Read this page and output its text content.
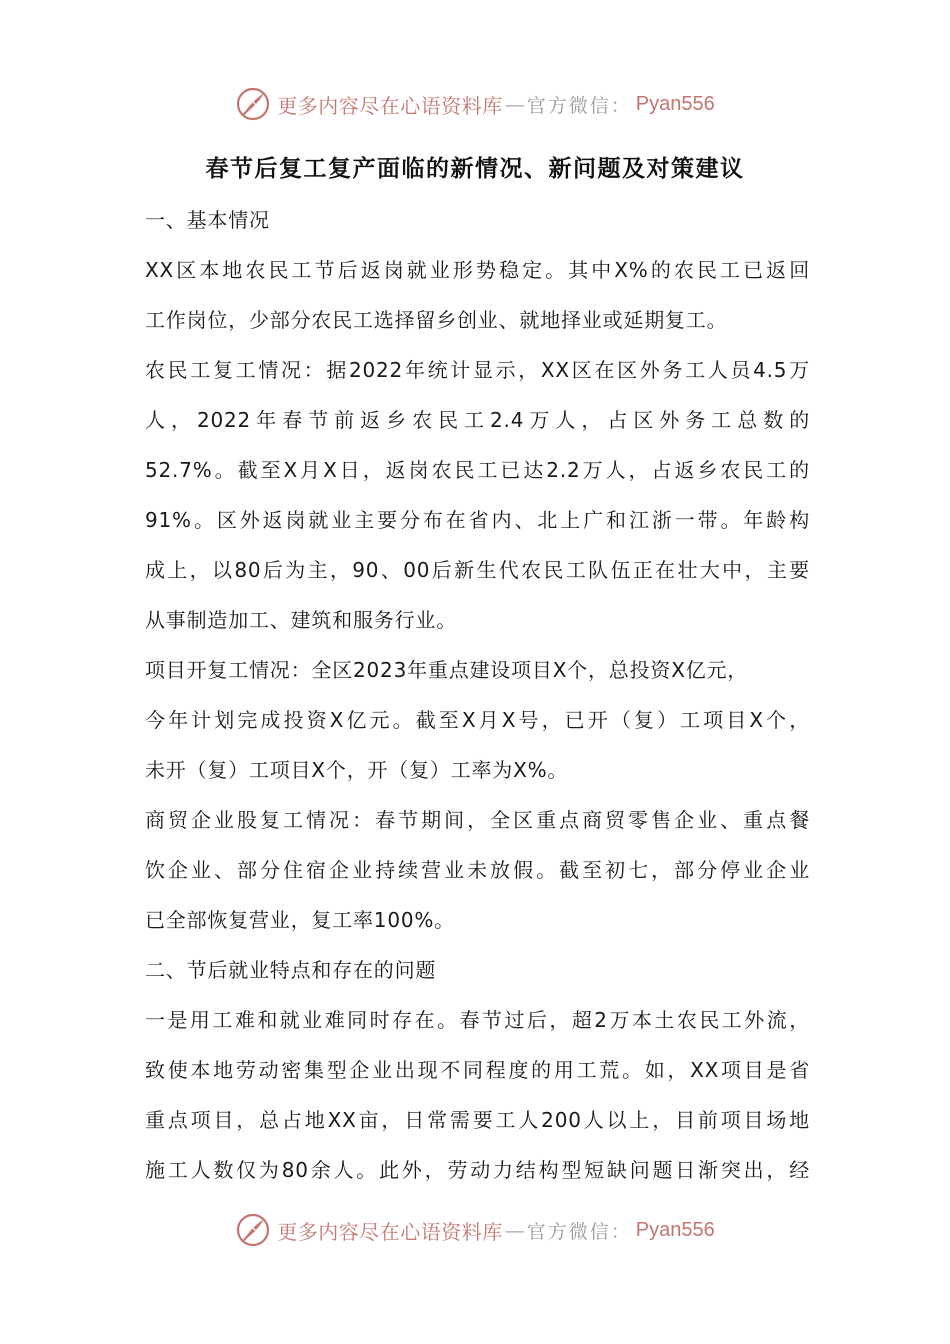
更多内容尽在心语资料库 — 官方微信： Pyan556
春节后复工复产面临的新情况、新问题及对策建议
一、基本情况
XX区本地农民工节后返岗就业形势稳定。其中X%的农民工已返回
工作岗位，少部分农民工选择留乡创业、就地择业或延期复工。
农民工复工情况：据2022年统计显示，XX区在区外务工人员4.5万
人，2022年春节前返乡农民工2.4万人，占区外务工总数的
52.7%。截至X月X日，返岗农民工已达2.2万人，占返乡农民工的
91%。区外返岗就业主要分布在省内、北上广和江浙一带。年龄构
成上，以80后为主，90、00后新生代农民工队伍正在壮大中，主要
从事制造加工、建筑和服务行业。
项目开复工情况：全区2023年重点建设项目X个，总投资X亿元，
今年计划完成投资X亿元。截至X月X号，已开（复）工项目X个，
未开（复）工项目X个，开（复）工率为X%。
商贸企业股复工情况：春节期间，全区重点商贸零售企业、重点餐
饮企业、部分住宿企业持续营业未放假。截至初七，部分停业企业
已全部恢复营业，复工率100%。
二、节后就业特点和存在的问题
一是用工难和就业难同时存在。春节过后，超2万本土农民工外流，
致使本地劳动密集型企业出现不同程度的用工荒。如，XX项目是省
重点项目，总占地XX亩，日常需要工人200人以上，目前项目场地
施工人数仅为80余人。此外，劳动力结构型短缺问题日渐突出，经
更多内容尽在心语资料库 — 官方微信： Pyan556
